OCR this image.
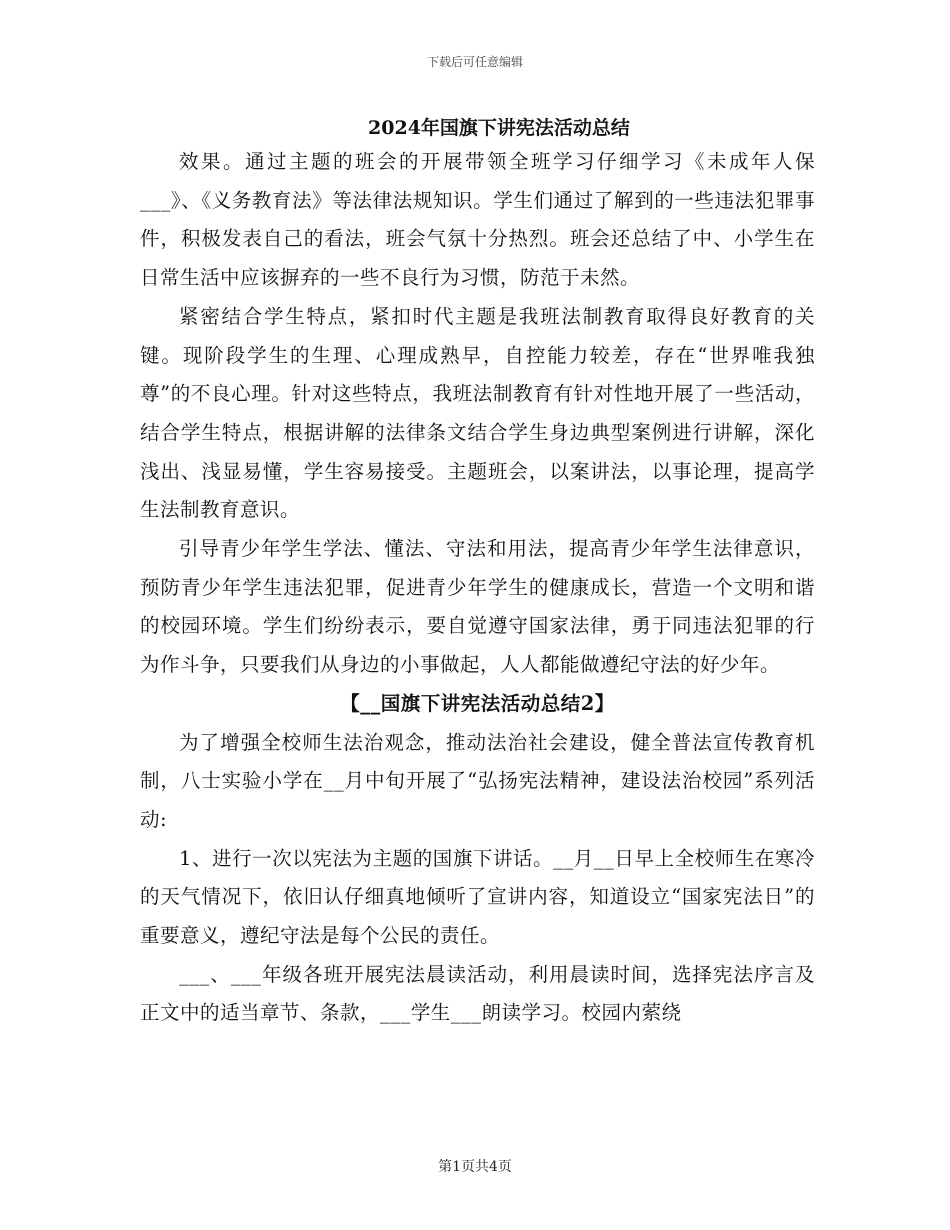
下载后可任意编辑
2024年国旗下讲宪法活动总结

效果。通过主题的班会的开展带领全班学习仔细学习《未成年人保___》、《义务教育法》等法律法规知识。学生们通过了解到的一些违法犯罪事件，积极发表自己的看法，班会气氛十分热烈。班会还总结了中、小学生在日常生活中应该摒弃的一些不良行为习惯，防范于未然。

紧密结合学生特点，紧扣时代主题是我班法制教育取得良好教育的关键。现阶段学生的生理、心理成熟早，自控能力较差，存在“世界唯我独尊”的不良心理。针对这些特点，我班法制教育有针对性地开展了一些活动，结合学生特点，根据讲解的法律条文结合学生身边典型案例进行讲解，深化浅出、浅显易懂，学生容易接受。主题班会，以案讲法，以事论理，提高学生法制教育意识。

引导青少年学生学法、懂法、守法和用法，提高青少年学生法律意识，预防青少年学生违法犯罪，促进青少年学生的健康成长，营造一个文明和谐的校园环境。学生们纷纷表示，要自觉遵守国家法律，勇于同违法犯罪的行为作斗争，只要我们从身边的小事做起，人人都能做遵纪守法的好少年。

【__国旗下讲宪法活动总结2】

为了增强全校师生法治观念，推动法治社会建设，健全普法宣传教育机制，八士实验小学在__月中旬开展了“弘扬宪法精神，建设法治校园”系列活动:

1、进行一次以宪法为主题的国旗下讲话。__月__日早上全校师生在寒冷的天气情况下，依旧认仔细真地倾听了宣讲内容，知道设立“国家宪法日”的重要意义，遵纪守法是每个公民的责任。

___、___年级各班开展宪法晨读活动，利用晨读时间，选择宪法序言及正文中的适当章节、条款，___学生___朗读学习。校园内萦绕

第1页共4页
